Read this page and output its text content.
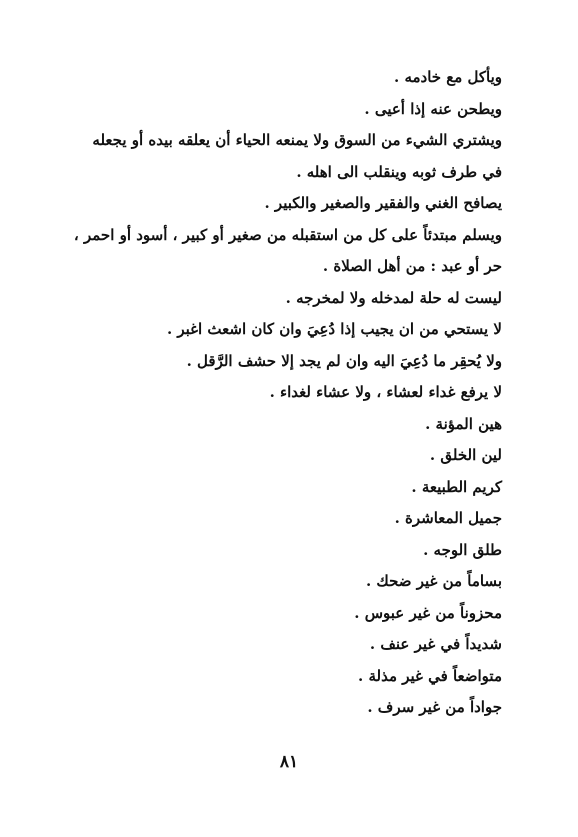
ويأكل مع خادمه .

ويطحن عنه إذا أعيى .

ويشتري الشيء من السوق ولا يمنعه الحياء أن يعلقه بيده أو يجعله في طرف ثوبه وينقلب الى اهله .

يصافح الغني والفقير والصغير والكبير .

ويسلم مبتدئاً على كل من استقبله من صغير أو كبير ، أسود أو احمر ، حر أو عبد : من أهل الصلاة .

ليست له حلة لمدخله ولا لمخرجه .

لا يستحي من ان يجيب إذا دُعِيَ وان كان اشعث اغبر .

ولا يُحقِر ما دُعِيَ اليه وان لم يجد إلا حشف الرَّقل .

لا يرفع غداء لعشاء ، ولا عشاء لغداء .

هين المؤنة .

لين الخلق .

كريم الطبيعة .

جميل المعاشرة .

طلق الوجه .

بساماً من غير ضحك .

محزوناً من غير عبوس .

شديداً في غير عنف .

متواضعاً في غير مذلة .

جواداً من غير سرف .

٨١
